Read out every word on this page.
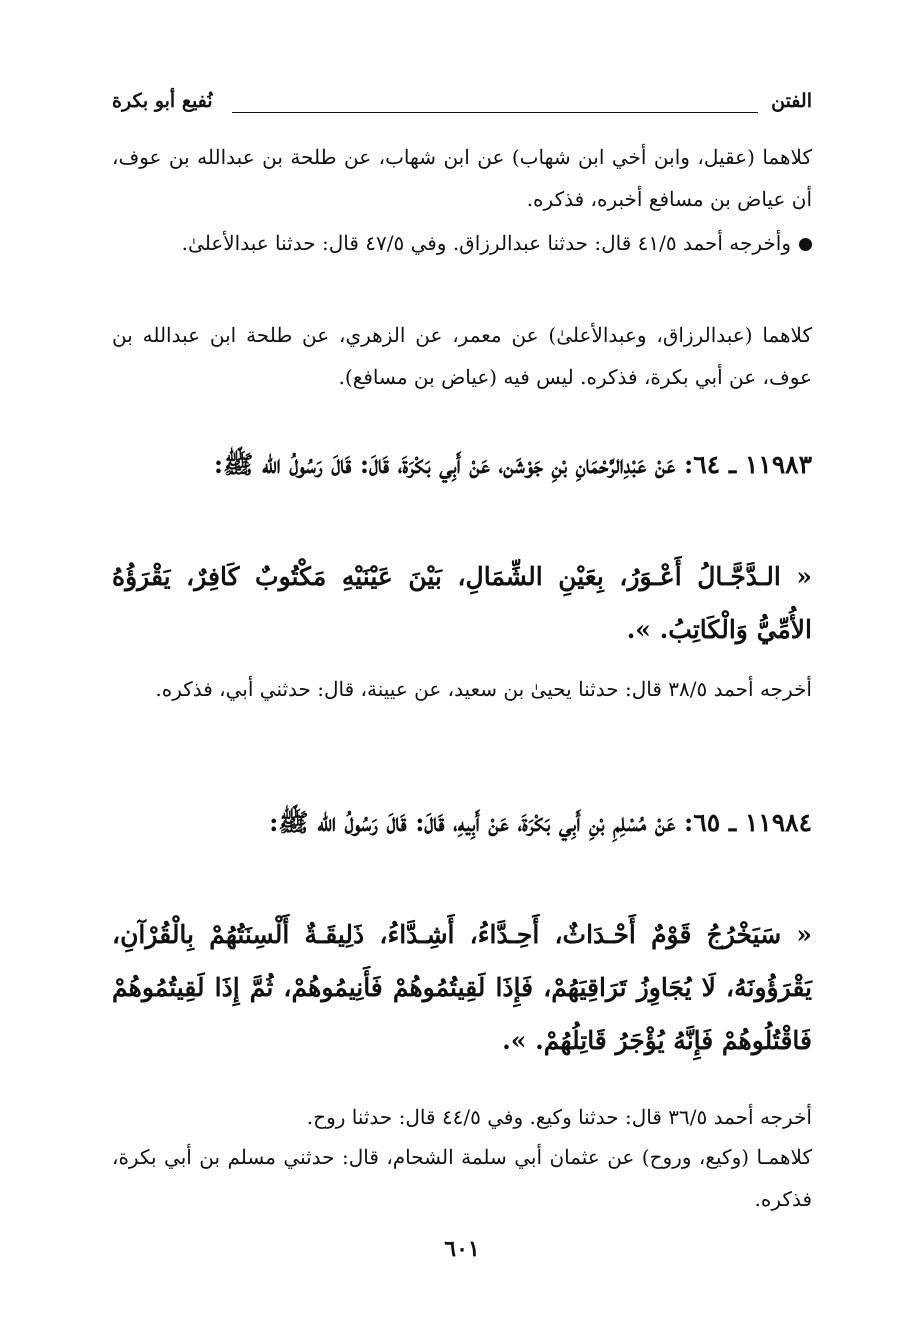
الفتن
نُفيع أبو بكرة
كلاهما (عقيل، وابن أخي ابن شهاب) عن ابن شهاب، عن طلحة بن عبدالله بن عوف، أن عياض بن مسافع أخبره، فذكره.
وأخرجه أحمد ٤١/٥ قال: حدثنا عبدالرزاق. وفي ٤٧/٥ قال: حدثنا عبدالأعلىٰ.
كلاهما (عبدالرزاق، وعبدالأعلىٰ) عن معمر، عن الزهري، عن طلحة ابن عبدالله بن عوف، عن أبي بكرة، فذكره. ليس فيه (عياض بن مسافع).
١١٩٨٣ ـ ٦٤: عَنْ عَبْدِالرَّحْمَانِ بْنِ جَوْشَن، عَنْ أَبِي بَكْرَةَ، قَالَ: قَالَ رَسُولُ الله ﷺ:
« الـدَّجَّـالُ أَعْـوَرُ، بِعَيْنِ الشِّمَالِ، بَيْنَ عَيْنَيْهِ مَكْتُوبٌ كَافِرٌ، يَقْرَؤُهُ الأُمِّيُّ وَالْكَاتِبُ. ».
أخرجه أحمد ٣٨/٥ قال: حدثنا يحيىٰ بن سعيد، عن عيينة، قال: حدثني أبي، فذكره.
١١٩٨٤ ـ ٦٥: عَنْ مُسْلِمِ بْنِ أَبِي بَكْرَةَ، عَنْ أَبِيهِ، قَالَ: قَالَ رَسُولُ الله ﷺ:
« سَيَخْرُجُ قَوْمٌ أَحْـدَاثٌ، أَحِـدَّاءُ، أَشِـدَّاءُ، ذَلِيقَـةٌ أَلْسِنَتُهُمْ بِالْقُرْآنِ، يَقْرَؤُونَهُ، لَا يُجَاوِزُ تَرَاقِيَهُمْ، فَإِذَا لَقِيتُمُوهُمْ فَأَنِيمُوهُمْ، ثُمَّ إِذَا لَقِيتُمُوهُمْ فَاقْتُلُوهُمْ فَإِنَّهُ يُؤْجَرُ قَاتِلُهُمْ. ».
أخرجه أحمد ٣٦/٥ قال: حدثنا وكيع. وفي ٤٤/٥ قال: حدثنا روح.
كلاهمـا (وكيع، وروح) عن عثمان أبي سلمة الشحام، قال: حدثني مسلم بن أبي بكرة، فذكره.
٦٠١
